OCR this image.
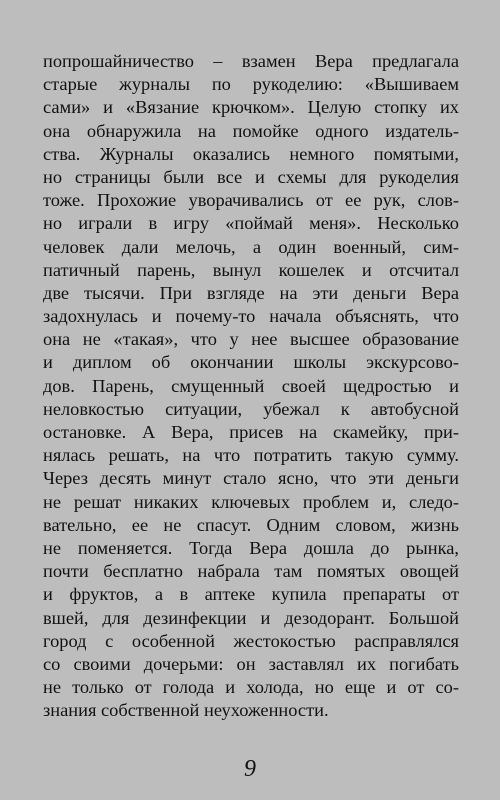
попрошайничество – взамен Вера предлагала
старые журналы по рукоделию: «Вышиваем
сами» и «Вязание крючком». Целую стопку их
она обнаружила на помойке одного издатель-
ства. Журналы оказались немного помятыми,
но страницы были все и схемы для рукоделия
тоже. Прохожие уворачивались от ее рук, слов-
но играли в игру «поймай меня». Несколько
человек дали мелочь, а один военный, сим-
патичный парень, вынул кошелек и отсчитал
две тысячи. При взгляде на эти деньги Вера
задохнулась и почему-то начала объяснять, что
она не «такая», что у нее высшее образование
и диплом об окончании школы экскурсово-
дов. Парень, смущенный своей щедростью и
неловкостью ситуации, убежал к автобусной
остановке. А Вера, присев на скамейку, при-
нялась решать, на что потратить такую сумму.
Через десять минут стало ясно, что эти деньги
не решат никаких ключевых проблем и, следо-
вательно, ее не спасут. Одним словом, жизнь
не поменяется. Тогда Вера дошла до рынка,
почти бесплатно набрала там помятых овощей
и фруктов, а в аптеке купила препараты от
вшей, для дезинфекции и дезодорант. Большой
город с особенной жестокостью расправлялся
со своими дочерьми: он заставлял их погибать
не только от голода и холода, но еще и от со-
знания собственной неухоженности.
9
